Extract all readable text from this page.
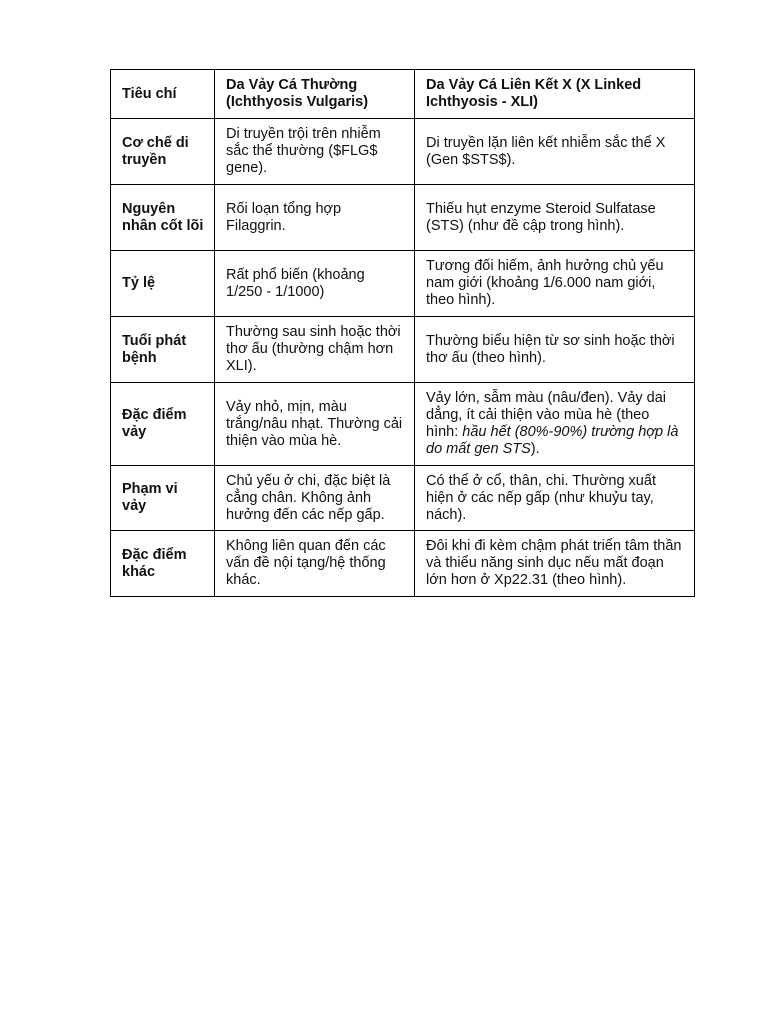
Tiêu chí	Da Vảy Cá Thường (Ichthyosis Vulgaris)	Da Vảy Cá Liên Kết X (X Linked Ichthyosis - XLI)
Cơ chế di truyền	Di truyền trội trên nhiễm sắc thể thường ($FLG$ gene).	Di truyền lặn liên kết nhiễm sắc thể X (Gen $STS$).
Nguyên nhân cốt lõi	Rối loạn tổng hợp Filaggrin.	Thiếu hụt enzyme Steroid Sulfatase (STS) (như đề cập trong hình).
Tỷ lệ	Rất phổ biến (khoảng 1/250 - 1/1000)	Tương đối hiếm, ảnh hưởng chủ yếu nam giới (khoảng 1/6.000 nam giới, theo hình).
Tuổi phát bệnh	Thường sau sinh hoặc thời thơ ấu (thường chậm hơn XLI).	Thường biểu hiện từ sơ sinh hoặc thời thơ ấu (theo hình).
Đặc điểm vảy	Vảy nhỏ, mịn, màu trắng/nâu nhạt. Thường cải thiện vào mùa hè.	Vảy lớn, sẫm màu (nâu/đen). Vảy dai dẳng, ít cải thiện vào mùa hè (theo hình: hầu hết (80%-90%) trường hợp là do mất gen STS).
Phạm vi vảy	Chủ yếu ở chi, đặc biệt là cẳng chân. Không ảnh hưởng đến các nếp gấp.	Có thể ở cổ, thân, chi. Thường xuất hiện ở các nếp gấp (như khuỷu tay, nách).
Đặc điểm khác	Không liên quan đến các vấn đề nội tạng/hệ thống khác.	Đôi khi đi kèm chậm phát triển tâm thần và thiểu năng sinh dục nếu mất đoạn lớn hơn ở Xp22.31 (theo hình).
